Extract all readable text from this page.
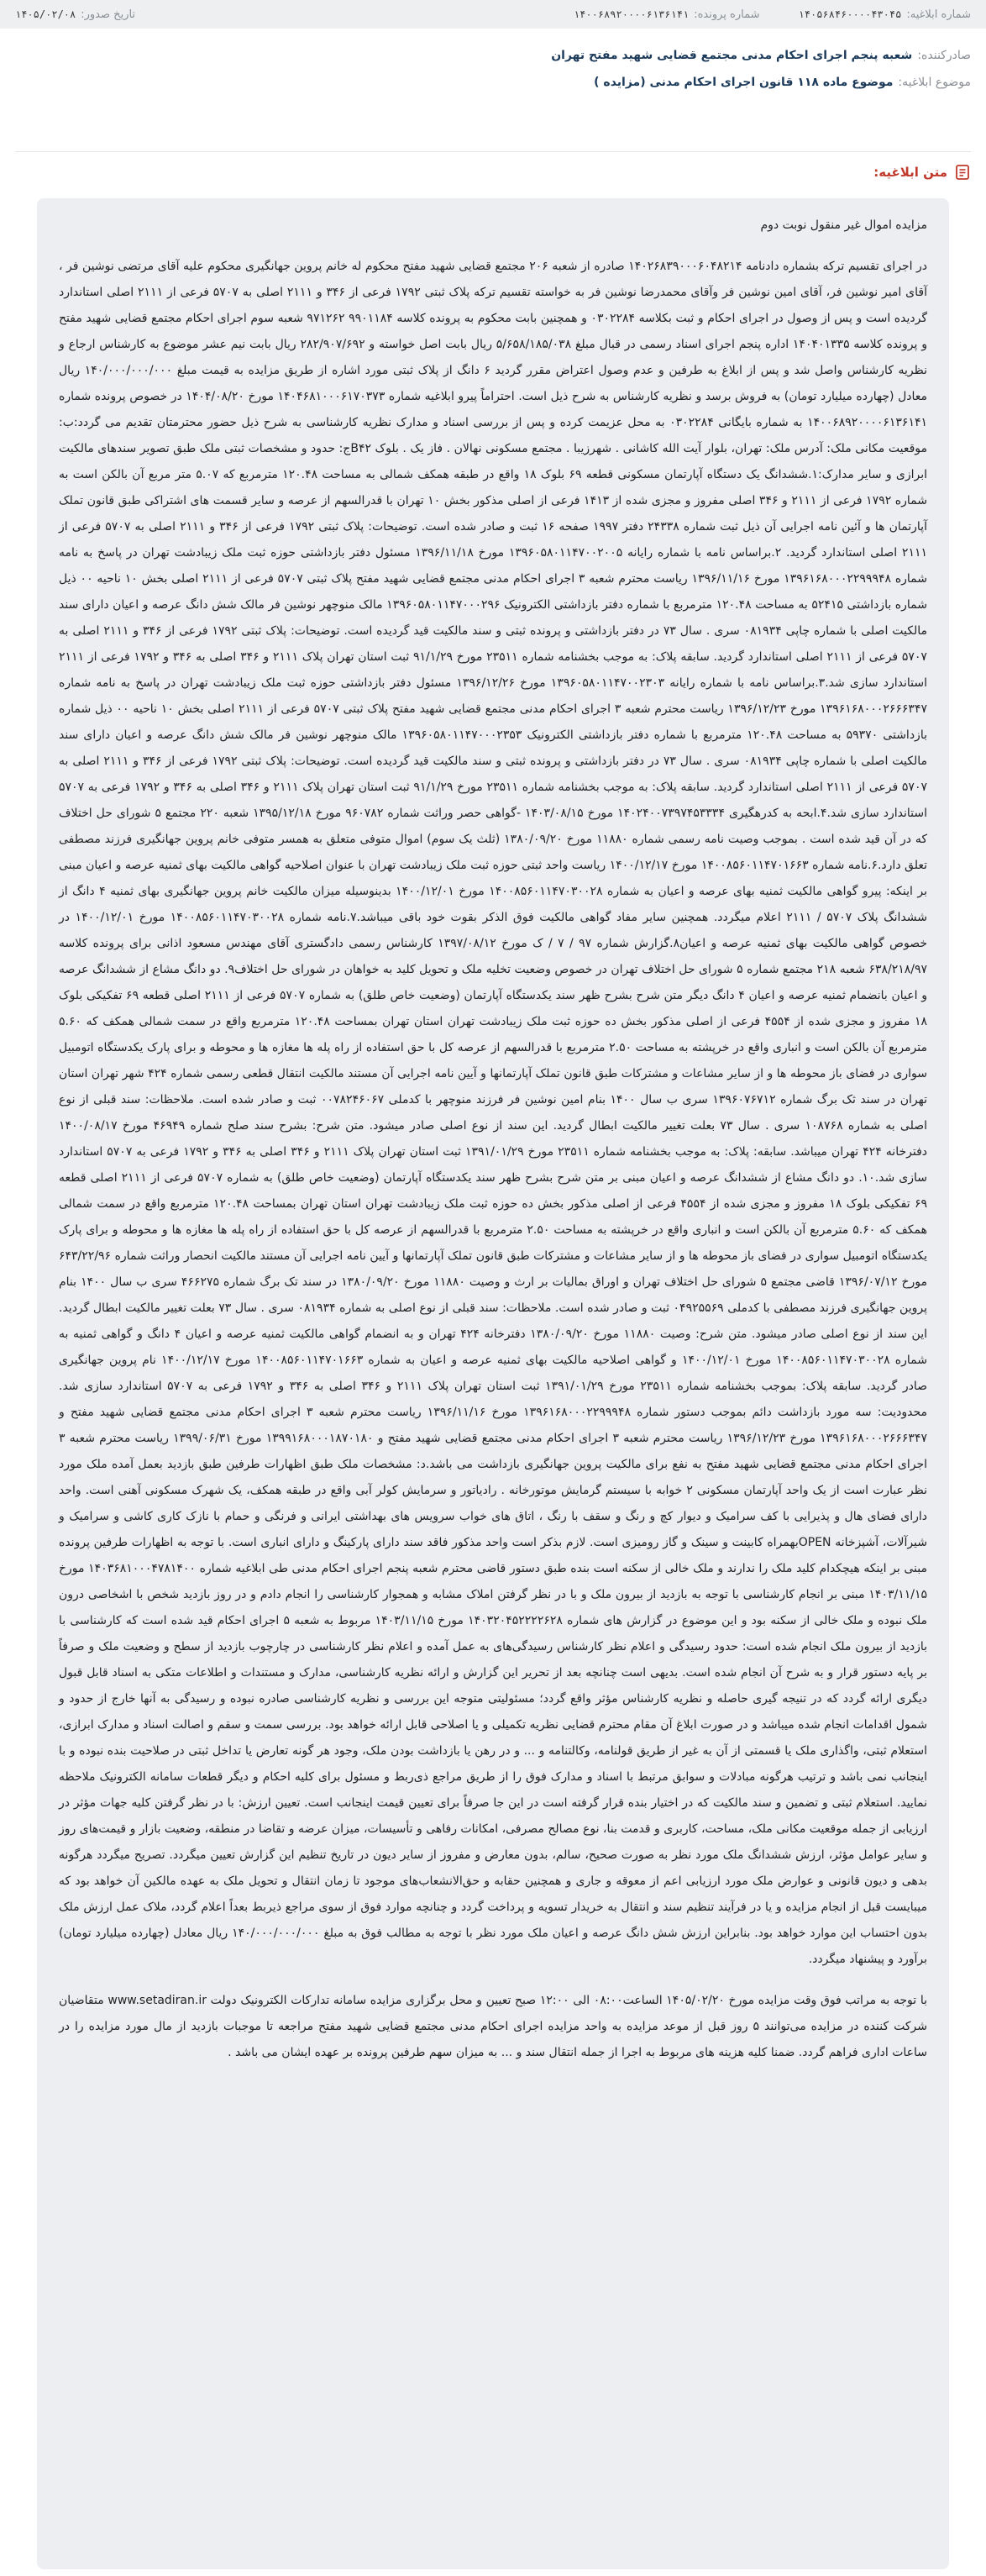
شماره ابلاغیه:۱۴۰۵۶۸۴۶۰۰۰۰۴۳۰۴۵
شماره پرونده:۱۴۰۰۶۸۹۲۰۰۰۰۶۱۳۶۱۴۱
تاریخ صدور:۱۴۰۵/۰۲/۰۸
صادرکننده:
شعبه پنجم اجرای احکام مدنی مجتمع قضایی شهید مفتح تهران
موضوع ابلاغیه:
موضوع ماده ۱۱۸ قانون اجرای احکام مدنی (مزایده )
متن ابلاغیه:
مزایده اموال غیر منقول نوبت دوم

در اجرای تقسیم ترکه بشماره دادنامه ۱۴۰۲۶۸۳۹۰۰۰۶۰۴۸۲۱۴ صادره از شعبه ۲۰۶ مجتمع قضایی شهید مفتح محکوم له خانم پروین جهانگیری محکوم علیه آقای مرتضی نوشین فر ، آقای امیر نوشین فر، آقای امین نوشین فر وآقای محمدرضا نوشین فر به خواسته تقسیم ترکه پلاک ثبتی ۱۷۹۲ فرعی از ۳۴۶ و ۲۱۱۱ اصلی به ۵۷۰۷ فرعی از ۲۱۱۱ اصلی استاندارد گردیده است و پس از وصول در اجرای احکام و ثبت بکلاسه ۰۳۰۲۲۸۴ و همچنین بابت محکوم به پرونده کلاسه ۹۹۰۱۱۸۴ ۹۷۱۲۶۲ شعبه سوم اجرای احکام مجتمع قضایی شهید مفتح و پرونده کلاسه ۱۴۰۴۰۱۳۳۵ اداره پنجم اجرای اسناد رسمی در قبال مبلغ ۵/۶۵۸/۱۸۵/۰۳۸ ریال بابت اصل خواسته و ۲۸۲/۹۰۷/۶۹۲ ریال بابت نیم عشر موضوع به کارشناس ارجاع و نظریه کارشناس واصل شد و پس از ابلاغ به طرفین و عدم وصول اعتراض مقرر گردید ۶ دانگ از پلاک ثبتی مورد اشاره از طریق مزایده به قیمت مبلغ ۱۴۰/۰۰۰/۰۰۰/۰۰۰ ریال معادل (چهارده میلیارد تومان) به فروش برسد و نظریه کارشناس به شرح ذیل است. احتراماً پیرو ابلاغیه شماره ۱۴۰۴۶۸۱۰۰۰۶۱۷۰۳۷۳ مورخ ۱۴۰۴/۰۸/۲۰ در خصوص پرونده شماره ۱۴۰۰۶۸۹۲۰۰۰۰۶۱۳۶۱۴۱ به شماره بایگانی ۰۳۰۲۲۸۴ به محل عزیمت کرده و پس از بررسی اسناد و مدارک نظریه کارشناسی به شرح ذیل حضور محترمتان تقدیم می گردد:ب: موقعیت مکانی ملک: آدرس ملک: تهران، بلوار آیت الله کاشانی . شهرزیبا . مجتمع مسکونی نهالان . فاز یک . بلوک B۴۲ج: حدود و مشخصات ثبتی ملک طبق تصویر سندهای مالکیت ابرازی و سایر مدارک:۱.ششدانگ یک دستگاه آپارتمان مسکونی قطعه ۶۹ بلوک ۱۸ واقع در طبقه همکف شمالی به مساحت ۱۲۰.۴۸ مترمربع که ۵.۰۷ متر مربع آن بالکن است به شماره ۱۷۹۲ فرعی از ۲۱۱۱ و ۳۴۶ اصلی مفروز و مجزی شده از ۱۴۱۳ فرعی از اصلی مذکور بخش ۱۰ تهران با قدرالسهم از عرصه و سایر قسمت های اشتراکی طبق قانون تملک آپارتمان ها و آئین نامه اجرایی آن ذیل ثبت شماره ۲۴۳۳۸ دفتر ۱۹۹۷ صفحه ۱۶ ثبت و صادر شده است. توضیحات: پلاک ثبتی ۱۷۹۲ فرعی از ۳۴۶ و ۲۱۱۱ اصلی به ۵۷۰۷ فرعی از ۲۱۱۱ اصلی استاندارد گردید. ۲.براساس نامه با شماره رایانه ۱۳۹۶۰۵۸۰۱۱۴۷۰۰۲۰۰۵ مورخ ۱۳۹۶/۱۱/۱۸ مسئول دفتر بازداشتی حوزه ثبت ملک زیبادشت تهران در پاسخ به نامه شماره ۱۳۹۶۱۶۸۰۰۰۲۲۹۹۹۴۸ مورخ ۱۳۹۶/۱۱/۱۶ ریاست محترم شعبه ۳ اجرای احکام مدنی مجتمع قضایی شهید مفتح پلاک ثبتی ۵۷۰۷ فرعی از ۲۱۱۱ اصلی بخش ۱۰ ناحیه ۰۰ ذیل شماره بازداشتی ۵۲۴۱۵ به مساحت ۱۲۰.۴۸ مترمربع با شماره دفتر بازداشتی الکترونیک ۱۳۹۶۰۵۸۰۱۱۴۷۰۰۰۲۹۶ مالک منوچهر نوشین فر مالک شش دانگ عرصه و اعیان دارای سند مالکیت اصلی با شماره چاپی ۰۸۱۹۳۴ سری . سال ۷۳ در دفتر بازداشتی و پرونده ثبتی و سند مالکیت قید گردیده است. توضیحات: پلاک ثبتی ۱۷۹۲ فرعی از ۳۴۶ و ۲۱۱۱ اصلی به ۵۷۰۷ فرعی از ۲۱۱۱ اصلی استاندارد گردید. سابقه پلاک: به موجب بخشنامه شماره ۲۳۵۱۱ مورخ ۹۱/۱/۲۹ ثبت استان تهران پلاک ۲۱۱۱ و ۳۴۶ اصلی به ۳۴۶ و ۱۷۹۲ فرعی از ۲۱۱۱ استاندارد سازی شد.۳.براساس نامه با شماره رایانه ۱۳۹۶۰۵۸۰۱۱۴۷۰۰۲۳۰۳ مورخ ۱۳۹۶/۱۲/۲۶ مسئول دفتر بازداشتی حوزه ثبت ملک زیبادشت تهران در پاسخ به نامه شماره ۱۳۹۶۱۶۸۰۰۰۲۶۶۶۳۴۷ مورخ ۱۳۹۶/۱۲/۲۳ ریاست محترم شعبه ۳ اجرای احکام مدنی مجتمع قضایی شهید مفتح پلاک ثبتی ۵۷۰۷ فرعی از ۲۱۱۱ اصلی بخش ۱۰ ناحیه ۰۰ ذیل شماره بازداشتی ۵۹۳۷۰ به مساحت ۱۲۰.۴۸ مترمربع با شماره دفتر بازداشتی الکترونیک ۱۳۹۶۰۵۸۰۱۱۴۷۰۰۰۲۳۵۳ مالک منوچهر نوشین فر مالک شش دانگ عرصه و اعیان دارای سند مالکیت اصلی با شماره چاپی ۰۸۱۹۳۴ سری . سال ۷۳ در دفتر بازداشتی و پرونده ثبتی و سند مالکیت قید گردیده است. توضیحات: پلاک ثبتی ۱۷۹۲ فرعی از ۳۴۶ و ۲۱۱۱ اصلی به ۵۷۰۷ فرعی از ۲۱۱۱ اصلی استاندارد گردید. سابقه پلاک: به موجب بخشنامه شماره ۲۳۵۱۱ مورخ ۹۱/۱/۲۹ ثبت استان تهران پلاک ۲۱۱۱ و ۳۴۶ اصلی به ۳۴۶ و ۱۷۹۲ فرعی به ۵۷۰۷ استاندارد سازی شد.۴.ابحه به کدرهگیری ۱۴۰۲۴۰۰۷۳۹۷۴۵۳۳۳۴ مورخ ۱۴۰۳/۰۸/۱۵ -گواهی حصر وراثت شماره ۹۶۰۷۸۲ مورخ ۱۳۹۵/۱۲/۱۸ شعبه ۲۲۰ مجتمع ۵ شورای حل اختلاف که در آن قید شده است . بموجب وصیت نامه رسمی شماره ۱۱۸۸۰ مورخ ۱۳۸۰/۰۹/۲۰ (ثلث یک سوم) اموال متوفی متعلق به همسر متوفی خانم پروین جهانگیری فرزند مصطفی تعلق دارد.۶.نامه شماره ۱۴۰۰۸۵۶۰۱۱۴۷۰۱۶۶۳ مورخ ۱۴۰۰/۱۲/۱۷ ریاست واحد ثبتی حوزه ثبت ملک زیبادشت تهران با عنوان اصلاحیه گواهی مالکیت بهای ثمنیه عرصه و اعیان مبنی بر اینکه: پیرو گواهی مالکیت ثمنیه بهای عرصه و اعیان به شماره ۱۴۰۰۸۵۶۰۱۱۴۷۰۳۰۰۲۸ مورخ ۱۴۰۰/۱۲/۰۱ بدینوسیله میزان مالکیت خانم پروین جهانگیری بهای ثمنیه ۴ دانگ از ششدانگ پلاک ۵۷۰۷ / ۲۱۱۱ اعلام میگردد. همچنین سایر مفاد گواهی مالکیت فوق الذکر بقوت خود باقی میباشد.۷.نامه شماره ۱۴۰۰۸۵۶۰۱۱۴۷۰۳۰۰۲۸ مورخ ۱۴۰۰/۱۲/۰۱ در خصوص گواهی مالکیت بهای ثمنیه عرصه و اعیان۸.گزارش شماره ۹۷ / ۷ / ک مورخ ۱۳۹۷/۰۸/۱۲ کارشناس رسمی دادگستری آقای مهندس مسعود اذانی برای پرونده کلاسه ۶۳۸/۲۱۸/۹۷ شعبه ۲۱۸ مجتمع شماره ۵ شورای حل اختلاف تهران در خصوص وضعیت تخلیه ملک و تحویل کلید به خواهان در شورای حل اختلاف۹. دو دانگ مشاع از ششدانگ عرصه و اعیان بانضمام ثمنیه عرصه و اعیان ۴ دانگ دیگر متن شرح بشرح ظهر سند یکدستگاه آپارتمان (وضعیت خاص طلق) به شماره ۵۷۰۷ فرعی از ۲۱۱۱ اصلی قطعه ۶۹ تفکیکی بلوک ۱۸ مفروز و مجزی شده از ۴۵۵۴ فرعی از اصلی مذکور بخش ده حوزه ثبت ملک زیبادشت تهران استان تهران بمساحت ۱۲۰.۴۸ مترمربع واقع در سمت شمالی همکف که ۵.۶۰ مترمربع آن بالکن است و انباری واقع در خرپشته به مساحت ۲.۵۰ مترمربع با قدرالسهم از عرصه کل با حق استفاده از راه پله ها مغازه ها و محوطه و برای پارک یکدستگاه اتومبیل سواری در فضای باز محوطه ها و از سایر مشاعات و مشترکات طبق قانون تملک آپارتمانها و آیین نامه اجرایی آن مستند مالکیت انتقال قطعی رسمی شماره ۴۲۴ شهر تهران استان تهران در سند ثک برگ شماره ۱۳۹۶۰۷۶۷۱۲ سری ب سال ۱۴۰۰ بنام امین نوشین فر فرزند منوچهر با کدملی ۰۰۷۸۲۴۶۰۶۷ ثبت و صادر شده است. ملاحظات: سند قبلی از نوع اصلی به شماره ۱۰۸۷۶۸ سری . سال ۷۳ بعلت تغییر مالکیت ابطال گردید. این سند از نوع اصلی صادر میشود. متن شرح: بشرح سند صلح شماره ۴۶۹۴۹ مورخ ۱۴۰۰/۰۸/۱۷ دفترخانه ۴۲۴ تهران میباشد. سابقه: پلاک: به موجب بخشنامه شماره ۲۳۵۱۱ مورخ ۱۳۹۱/۰۱/۲۹ ثبت استان تهران پلاک ۲۱۱۱ و ۳۴۶ اصلی به ۳۴۶ و ۱۷۹۲ فرعی به ۵۷۰۷ استاندارد سازی شد.۱۰. دو دانگ مشاع از ششدانگ عرصه و اعیان مبنی بر متن شرح بشرح ظهر سند یکدستگاه آپارتمان (وضعیت خاص طلق) به شماره ۵۷۰۷ فرعی از ۲۱۱۱ اصلی قطعه ۶۹ تفکیکی بلوک ۱۸ مفروز و مجزی شده از ۴۵۵۴ فرعی از اصلی مذکور بخش ده حوزه ثبت ملک زیبادشت تهران استان تهران بمساحت ۱۲۰.۴۸ مترمربع واقع در سمت شمالی همکف که ۵.۶۰ مترمربع آن بالکن است و انباری واقع در خرپشته به مساحت ۲.۵۰ مترمربع با قدرالسهم از عرصه کل با حق استفاده از راه پله ها مغازه ها و محوطه و برای پارک یکدستگاه اتومبیل سواری در فضای باز محوطه ها و از سایر مشاعات و مشترکات طبق قانون تملک آپارتمانها و آیین نامه اجرایی آن مستند مالکیت انحصار وراثت شماره ۶۴۳/۲۲/۹۶ مورخ ۱۳۹۶/۰۷/۱۲ قاضی مجتمع ۵ شورای حل اختلاف تهران و اوراق بمالیات بر ارث و وصیت ۱۱۸۸۰ مورخ ۱۳۸۰/۰۹/۲۰ در سند تک برگ شماره ۴۶۶۲۷۵ سری ب سال ۱۴۰۰ بنام پروین جهانگیری فرزند مصطفی با کدملی ۰۴۹۲۵۵۶۹ ثبت و صادر شده است. ملاحظات: سند قبلی از نوع اصلی به شماره ۰۸۱۹۳۴ سری . سال ۷۳ بعلت تغییر مالکیت ابطال گردید. این سند از نوع اصلی صادر میشود. متن شرح: وصیت ۱۱۸۸۰ مورخ ۱۳۸۰/۰۹/۲۰ دفترخانه ۴۲۴ تهران و به انضمام گواهی مالکیت ثمنیه عرصه و اعیان ۴ دانگ و گواهی ثمنیه به شماره ۱۴۰۰۸۵۶۰۱۱۴۷۰۳۰۰۲۸ مورخ ۱۴۰۰/۱۲/۰۱ و گواهی اصلاحیه مالکیت بهای ثمنیه عرصه و اعیان به شماره ۱۴۰۰۸۵۶۰۱۱۴۷۰۱۶۶۳ مورخ ۱۴۰۰/۱۲/۱۷ نام پروین جهانگیری صادر گردید. سابقه پلاک: بموجب بخشنامه شماره ۲۳۵۱۱ مورخ ۱۳۹۱/۰۱/۲۹ ثبت استان تهران پلاک ۲۱۱۱ و ۳۴۶ اصلی به ۳۴۶ و ۱۷۹۲ فرعی به ۵۷۰۷ استاندارد سازی شد. محدودیت: سه مورد بازداشت دائم بموجب دستور شماره ۱۳۹۶۱۶۸۰۰۰۲۲۹۹۹۴۸ مورخ ۱۳۹۶/۱۱/۱۶ ریاست محترم شعبه ۳ اجرای احکام مدنی مجتمع قضایی شهید مفتح و ۱۳۹۶۱۶۸۰۰۰۲۶۶۶۳۴۷ مورخ ۱۳۹۶/۱۲/۲۳ ریاست محترم شعبه ۳ اجرای احکام مدنی مجتمع قضایی شهید مفتح و ۱۳۹۹۱۶۸۰۰۰۱۸۷۰۱۸۰ مورخ ۱۳۹۹/۰۶/۳۱ ریاست محترم شعبه ۳ اجرای احکام مدنی مجتمع قضایی شهید مفتح به نفع برای مالکیت پروین جهانگیری بازداشت می باشد.د: مشخصات ملک طبق اظهارات طرفین طبق بازدید بعمل آمده ملک مورد نظر عبارت است از یک واحد آپارتمان مسکونی ۲ خوابه با سیستم گرمایش موتورخانه . رادیاتور و سرمایش کولر آبی واقع در طبقه همکف، یک شهرک مسکونی آهنی است. واحد دارای فضای هال و پذیرایی با کف سرامیک و دیوار کچ و رنگ و سقف با رنگ ، اتاق های خواب سرویس های بهداشتی ایرانی و فرنگی و حمام با نازک کاری کاشی و سرامیک و شیرآلات، آشپزخانه OPENبهمراه کابینت و سینک و گاز رومیزی است. لازم بذکر است واحد مذکور فاقد سند دارای پارکینگ و دارای انباری است. با توجه به اظهارات طرفین پرونده مبنی بر اینکه هیچکدام کلید ملک را ندارند و ملک خالی از سکنه است بنده طبق دستور قاضی محترم شعبه پنجم اجرای احکام مدنی طی ابلاغیه شماره ۱۴۰۳۶۸۱۰۰۰۴۷۸۱۴۰۰ مورخ ۱۴۰۳/۱۱/۱۵ مبنی بر انجام کارشناسی با توجه به بازدید از بیرون ملک و با در نظر گرفتن املاک مشابه و همجوار کارشناسی را انجام دادم و در روز بازدید شخص با اشخاصی درون ملک نبوده و ملک خالی از سکنه بود و این موضوع در گزارش های شماره ۱۴۰۳۲۰۴۵۲۲۲۲۶۲۸ مورخ ۱۴۰۳/۱۱/۱۵ مربوط به شعبه ۵ اجرای احکام قید شده است که کارشناسی با بازدید از بیرون ملک انجام شده است: حدود رسیدگی و اعلام نظر کارشناس رسیدگی‌های به عمل آمده و اعلام نظر کارشناسی در چارچوب بازدید از سطح و وضعیت ملک و صرفاً بر پایه دستور قرار و به شرح آن انجام شده است. بدیهی است چنانچه بعد از تحریر این گزارش و ارائه نظریه کارشناسی، مدارک و مستندات و اطلاعات متکی به اسناد قابل قبول دیگری ارائه گردد که در تنیجه گیری حاصله و نظریه کارشناس مؤثر واقع گردد؛ مسئولیتی متوجه این بررسی و نظریه کارشناسی صادره نبوده و رسیدگی به آنها خارج از حدود و شمول اقدامات انجام شده میباشد و در صورت ابلاغ آن مقام محترم قضایی نظریه تکمیلی و یا اصلاحی قابل ارائه خواهد بود. بررسی سمت و سقم و اصالت اسناد و مدارک ابرازی، استعلام ثبتی، واگذاری ملک یا قسمتی از آن به غیر از طریق قولنامه، وکالتنامه و ... و در رهن یا بازداشت بودن ملک، وجود هر گونه تعارض یا تداخل ثبتی در صلاحیت بنده نبوده و با اینجانب نمی باشد و ترتیب هرگونه مبادلات و سوابق مرتبط با اسناد و مدارک فوق را از طریق مراجع ذی‌ربط و مسئول برای کلیه احکام و دیگر قطعات سامانه الکترونیک ملاحظه نمایید. استعلام ثبتی و تضمین و سند مالکیت که در اختیار بنده قرار گرفته است در این جا صرفاً برای تعیین قیمت اینجانب است. تعیین ارزش: با در نظر گرفتن کلیه جهات مؤثر در ارزیابی از جمله موقعیت مکانی ملک، مساحت، کاربری و قدمت بنا، نوع مصالح مصرفی، امکانات رفاهی و تأسیسات، میزان عرضه و تقاضا در منطقه، وضعیت بازار و قیمت‌های روز و سایر عوامل مؤثر، ارزش ششدانگ ملک مورد نظر به صورت صحیح، سالم، بدون معارض و مفروز از سایر دیون در تاریخ تنظیم این گزارش تعیین میگردد. تصریح میگردد هرگونه بدهی و دیون قانونی و عوارض ملک مورد ارزیابی اعم از معوقه و جاری و همچنین حقابه و حق‌الانشعاب‌های موجود تا زمان انتقال و تحویل ملک به عهده مالکین آن خواهد بود که میبایست قبل از انجام مزایده و یا در فرآیند تنظیم سند و انتقال به خریدار تسویه و پرداخت گردد و چنانچه موارد فوق از سوی مراجع ذیربط بعداً اعلام گردد، ملاک عمل ارزش ملک بدون احتساب این موارد خواهد بود. بنابراین ارزش شش دانگ عرصه و اعیان ملک مورد نظر با توجه به مطالب فوق به مبلغ ۱۴۰/۰۰۰/۰۰۰/۰۰۰ ریال معادل (چهارده میلیارد تومان) برآورد و پیشنهاد میگردد.

با توجه به مراتب فوق وقت مزایده مورخ ۱۴۰۵/۰۲/۲۰ الساعت۰۸:۰۰ الی ۱۲:۰۰ صبح تعیین و محل برگزاری مزایده سامانه تدارکات الکترونیک دولت www.setadiran.ir متقاضیان شرکت کننده در مزایده می‌توانند ۵ روز قبل از موعد مزایده به واحد مزایده اجرای احکام مدنی مجتمع قضایی شهید مفتح مراجعه تا موجبات بازدید از مال مورد مزایده را در ساعات اداری فراهم گردد. ضمنا کلیه هزینه های مربوط به اجرا از جمله انتقال سند و ... به میزان سهم طرفین پرونده بر عهده ایشان می باشد .
